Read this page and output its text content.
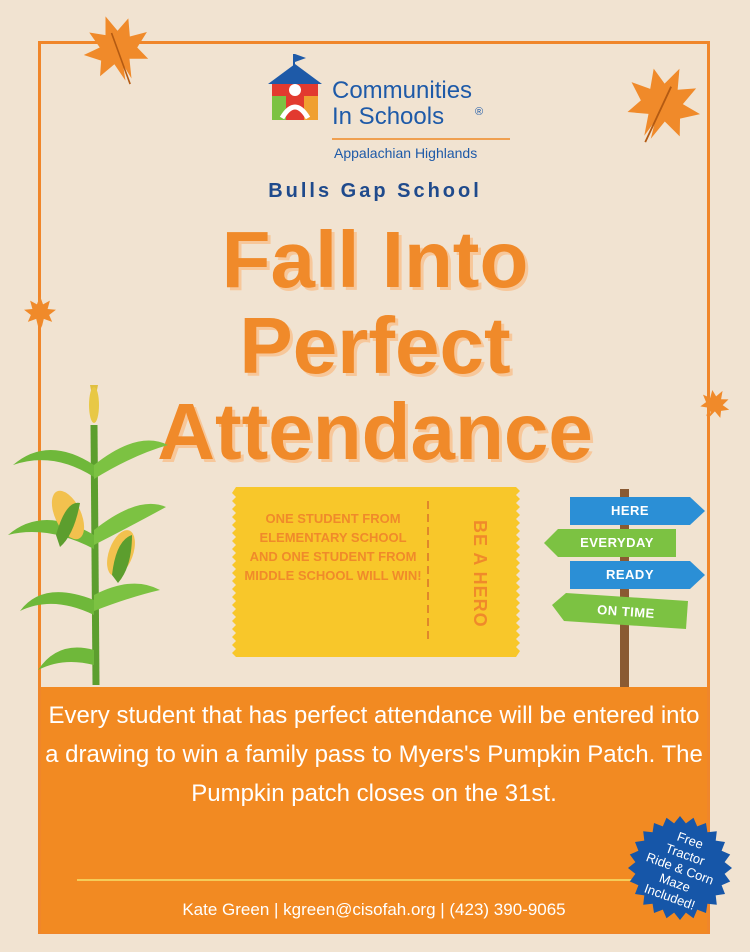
Communities
In Schools	®
Appalachian Highlands
Bulls Gap School
Fall Into
Perfect
Attendance
ONE STUDENT FROM ELEMENTARY SCHOOL AND ONE STUDENT FROM MIDDLE SCHOOL WILL WIN!	BE A HERO
HERE
EVERYDAY
READY
ON TIME
Every student that has perfect attendance will be entered into a drawing to win a family pass to Myers's Pumpkin Patch. The Pumpkin patch closes on the 31st.
Kate Green | kgreen@cisofah.org | (423) 390-9065
Free
Tractor
Ride & Corn
Maze
Included!
